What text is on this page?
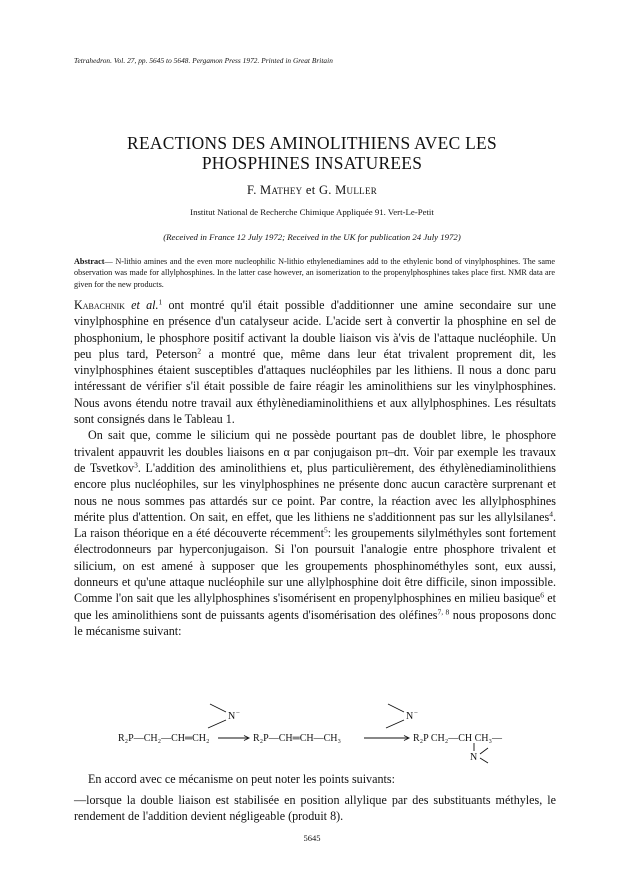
Tetrahedron. Vol. 27, pp. 5645 to 5648. Pergamon Press 1972. Printed in Great Britain
REACTIONS DES AMINOLITHIENS AVEC LES
PHOSPHINES INSATUREES
F. Mathey et G. Muller
Institut National de Recherche Chimique Appliquée 91. Vert-Le-Petit
(Received in France 12 July 1972; Received in the UK for publication 24 July 1972)

Abstract— N-lithio amines and the even more nucleophilic N-lithio ethylenediamines add to the ethylenic bond of vinylphosphines. The same observation was made for allylphosphines. In the latter case however, an isomerization to the propenylphosphines takes place first. NMR data are given for the new products.

Kabachnik et al.$^1$ ont montré qu'il était possible d'additionner une amine secondaire sur une vinylphosphine en présence d'un catalyseur acide. L'acide sert à convertir la phosphine en sel de phosphonium, le phosphore positif activant la double liaison vis à'vis de l'attaque nucléophile. Un peu plus tard, Peterson$^2$ a montré que, même dans leur état trivalent proprement dit, les vinylphosphines étaient susceptibles d'attaques nucléophiles par les lithiens. Il nous a donc paru intéressant de vérifier s'il était possible de faire réagir les aminolithiens sur les vinylphosphines. Nous avons étendu notre travail aux éthylènediaminolithiens et aux allylphosphines. Les résultats sont consignés dans le Tableau 1.

On sait que, comme le silicium qui ne possède pourtant pas de doublet libre, le phosphore trivalent appauvrit les doubles liaisons en α par conjugaison pπ–dπ. Voir par exemple les travaux de Tsvetkov$^3$. L'addition des aminolithiens et, plus particulièrement, des éthylènediaminolithiens encore plus nucléophiles, sur les vinylphosphines ne présente donc aucun caractère surprenant et nous ne nous sommes pas attardés sur ce point. Par contre, la réaction avec les allylphosphines mérite plus d'attention. On sait, en effet, que les lithiens ne s'additionnent pas sur les allylsilanes$^4$. La raison théorique en a été découverte récemment$^5$: les groupements silylméthyles sont fortement électrodonneurs par hyperconjugaison. Si l'on poursuit l'analogie entre phosphore trivalent et silicium, on est amené à supposer que les groupements phosphinométhyles sont, eux aussi, donneurs et qu'une attaque nucléophile sur une allylphosphine doit être difficile, sinon impossible. Comme l'on sait que les allylphosphines s'isomérisent en propenylphosphines en milieu basique$^6$ et que les aminolithiens sont de puissants agents d'isomérisation des oléfines$^{7, 8}$ nous proposons donc le mécanisme suivant:

N −	N −
R₂P—CH₂—CH═CH₂	R₂P—CH═CH—CH₃	R₂P CH₂—CH CH₃—
N

En accord avec ce mécanisme on peut noter les points suivants:

—lorsque la double liaison est stabilisée en position allylique par des substituants méthyles, le rendement de l'addition devient négligeable (produit 8).

5645
